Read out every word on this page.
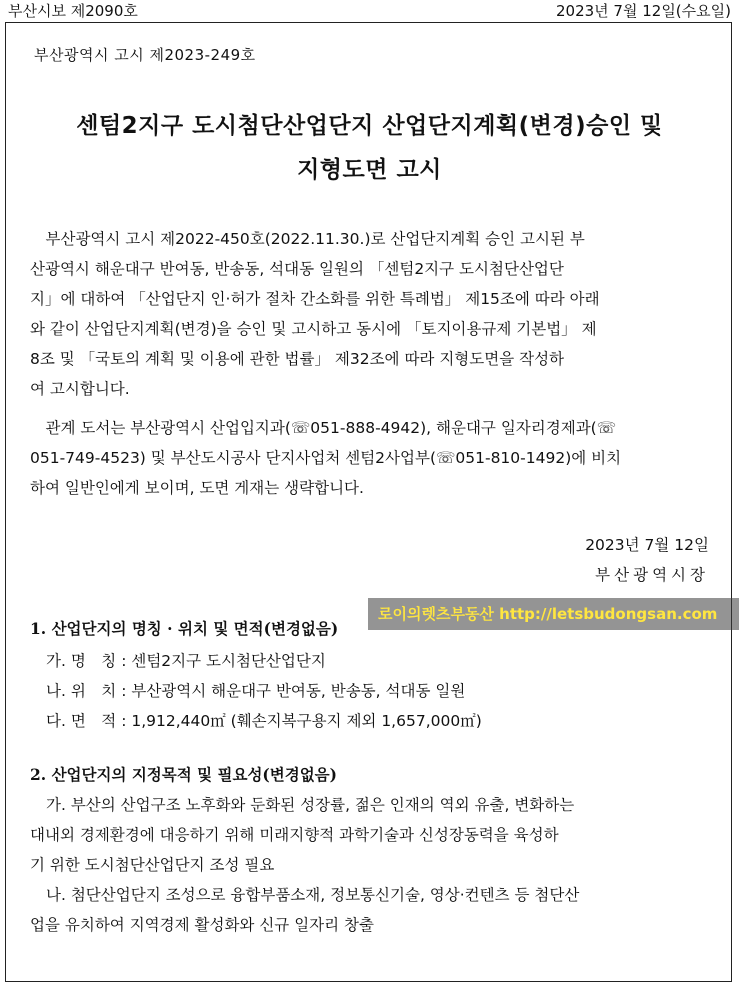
부산시보 제2090호	2023년 7월 12일(수요일)
부산광역시 고시 제2023-249호
센텀2지구 도시첨단산업단지 산업단지계획(변경)승인 및
지형도면 고시
　부산광역시 고시 제2022-450호(2022.11.30.)로 산업단지계획 승인 고시된 부
산광역시 해운대구 반여동, 반송동, 석대동 일원의 「센텀2지구 도시첨단산업단
지」에 대하여 「산업단지 인·허가 절차 간소화를 위한 특례법」 제15조에 따라 아래
와 같이 산업단지계획(변경)을 승인 및 고시하고 동시에 「토지이용규제 기본법」 제
8조 및 「국토의 계획 및 이용에 관한 법률」 제32조에 따라 지형도면을 작성하
여 고시합니다.
　관계 도서는 부산광역시 산업입지과(☏051-888-4942), 해운대구 일자리경제과(☏
051-749-4523) 및 부산도시공사 단지사업처 센텀2사업부(☏051-810-1492)에 비치
하여 일반인에게 보이며, 도면 게재는 생략합니다.
2023년 7월 12일
부산광역시장
1. 산업단지의 명칭 · 위치 및 면적(변경없음)
로이의렛츠부동산 http://letsbudongsan.com
가. 명　칭 : 센텀2지구 도시첨단산업단지
나. 위　치 : 부산광역시 해운대구 반여동, 반송동, 석대동 일원
다. 면　적 : 1,912,440㎡ (훼손지복구용지 제외 1,657,000㎡)
2. 산업단지의 지정목적 및 필요성(변경없음)
가. 부산의 산업구조 노후화와 둔화된 성장률, 젊은 인재의 역외 유출, 변화하는
대내외 경제환경에 대응하기 위해 미래지향적 과학기술과 신성장동력을 육성하
기 위한 도시첨단산업단지 조성 필요
나. 첨단산업단지 조성으로 융합부품소재, 정보통신기술, 영상·컨텐츠 등 첨단산
업을 유치하여 지역경제 활성화와 신규 일자리 창출
